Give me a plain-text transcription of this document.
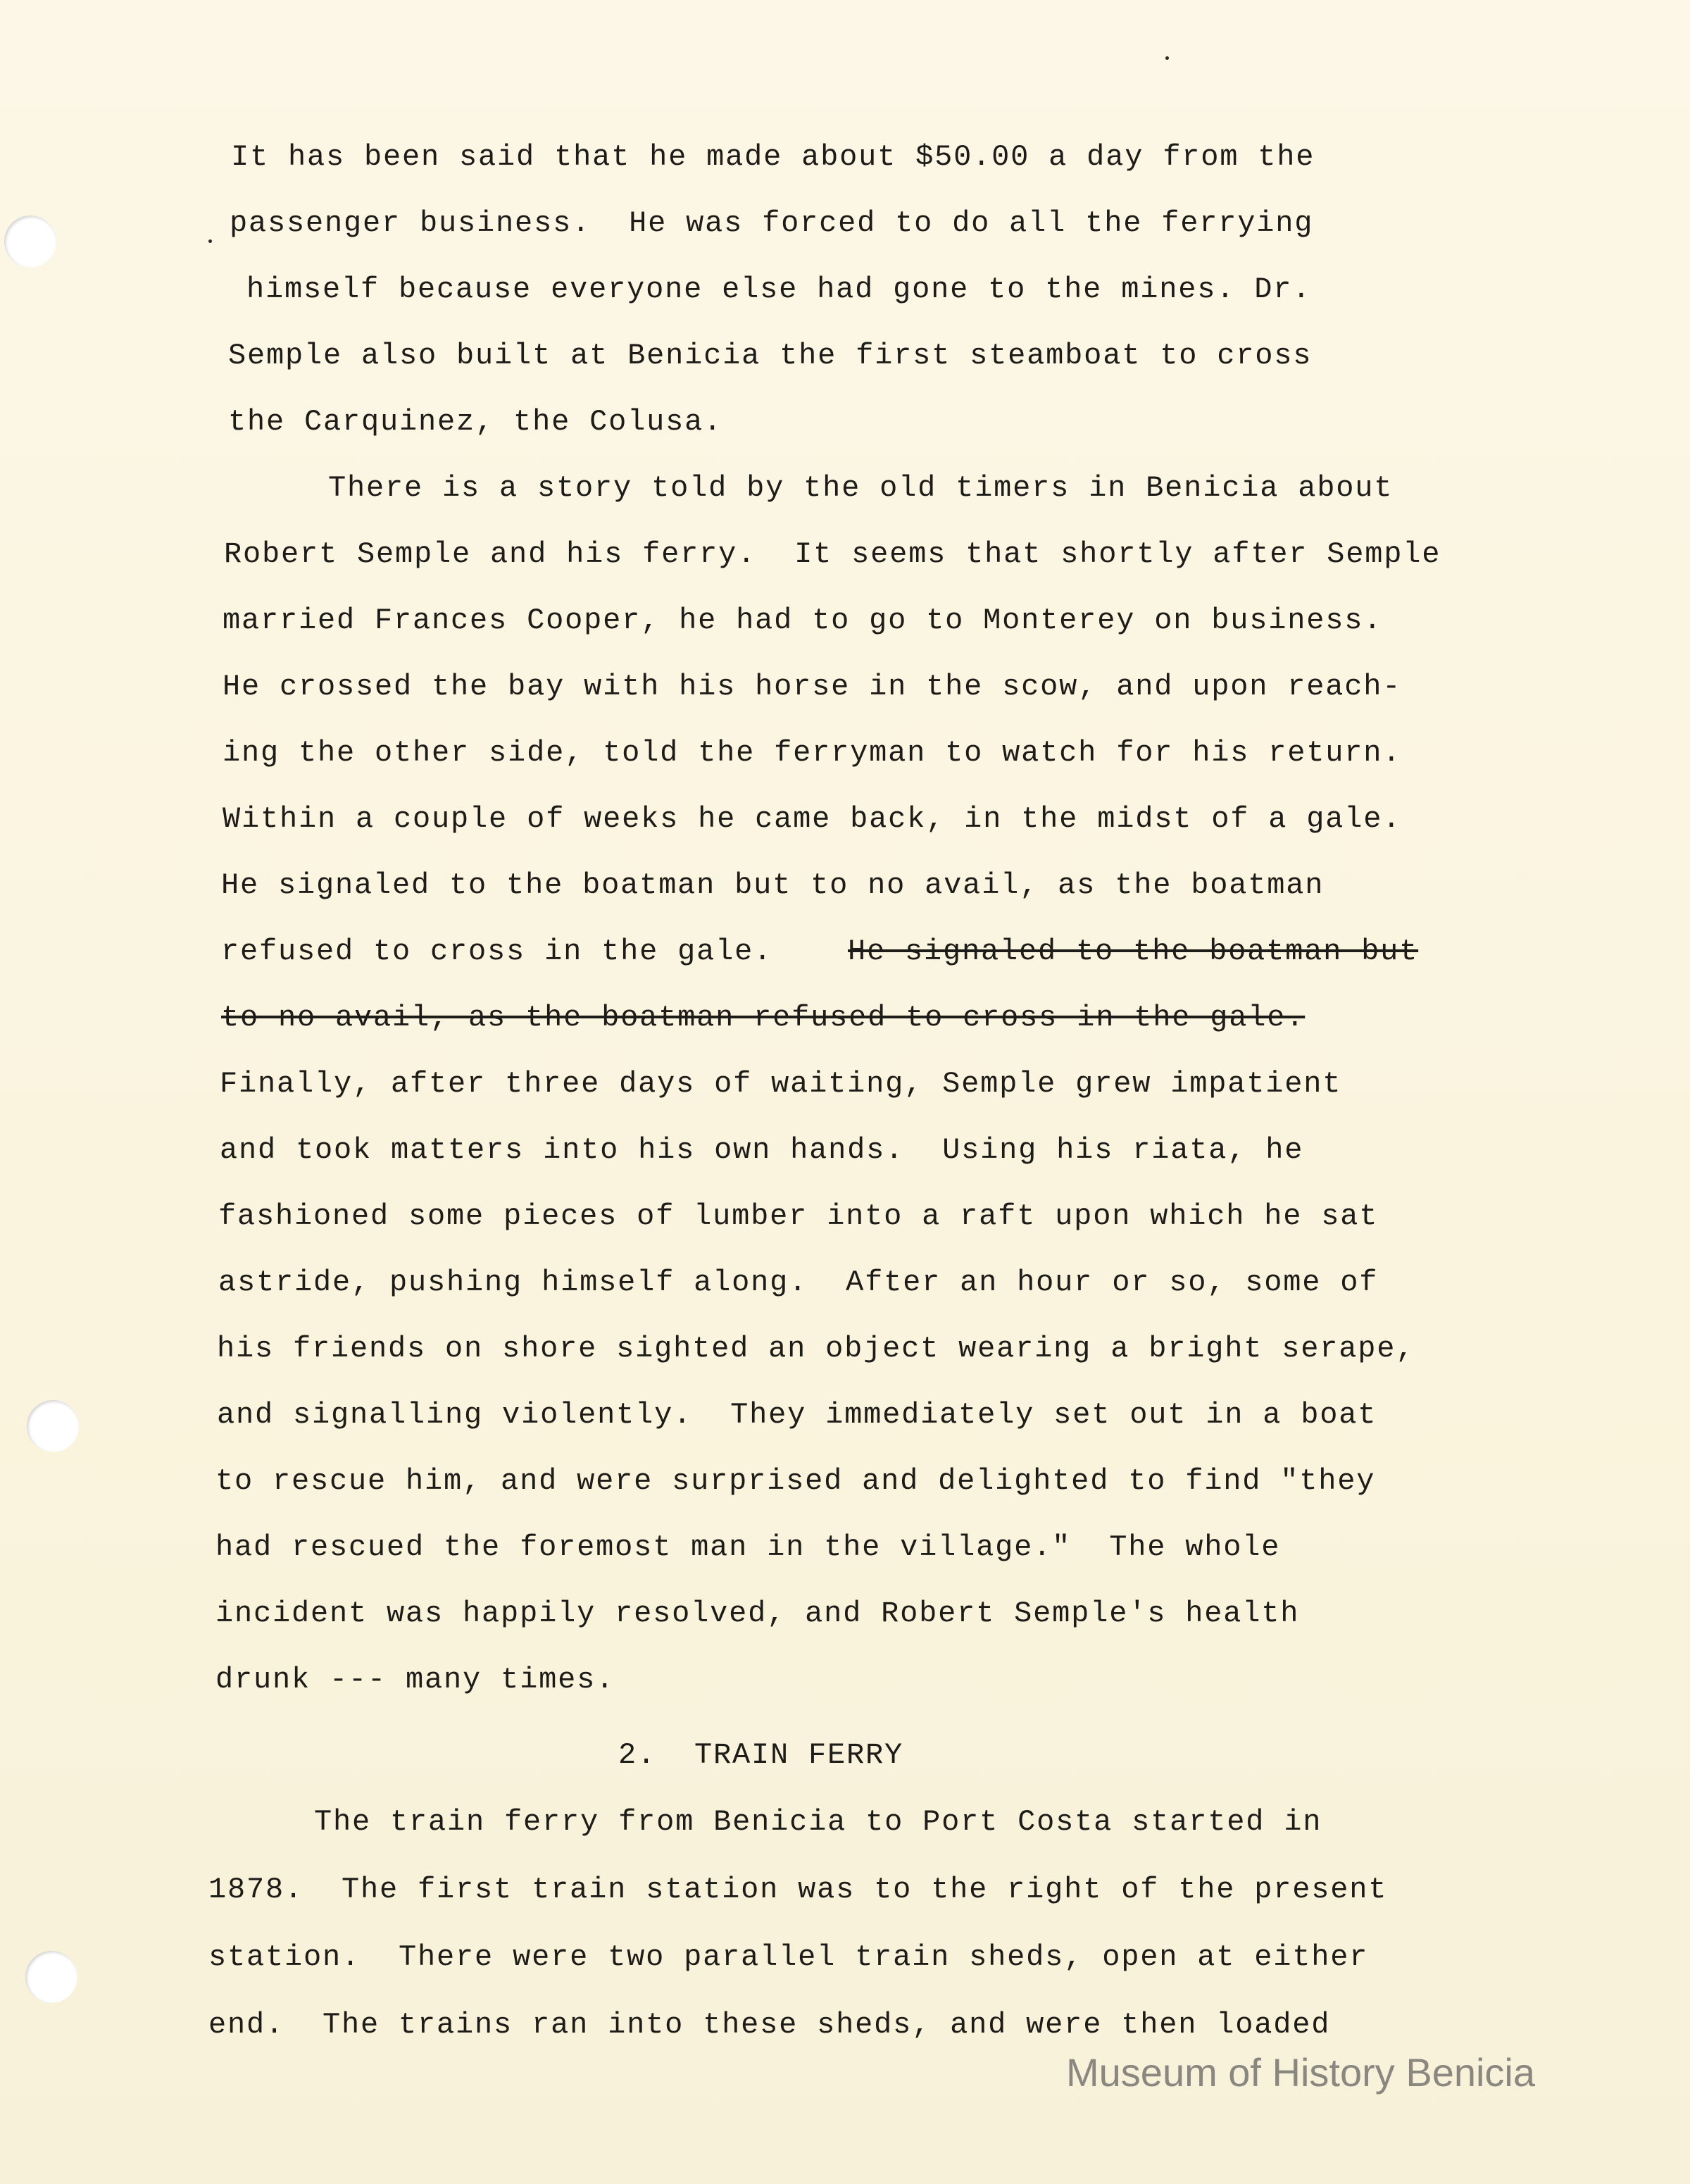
It has been said that he made about $50.00 a day from the
passenger business.  He was forced to do all the ferrying
himself because everyone else had gone to the mines. Dr.
Semple also built at Benicia the first steamboat to cross
the Carquinez, the Colusa.
There is a story told by the old timers in Benicia about
Robert Semple and his ferry.  It seems that shortly after Semple
married Frances Cooper, he had to go to Monterey on business.
He crossed the bay with his horse in the scow, and upon reach-
ing the other side, told the ferryman to watch for his return.
Within a couple of weeks he came back, in the midst of a gale.
He signaled to the boatman but to no avail, as the boatman
refused to cross in the gale.	He signaled to the boatman but
to no avail, as the boatman refused to cross in the gale.
Finally, after three days of waiting, Semple grew impatient
and took matters into his own hands.  Using his riata, he
fashioned some pieces of lumber into a raft upon which he sat
astride, pushing himself along.  After an hour or so, some of
his friends on shore sighted an object wearing a bright serape,
and signalling violently.  They immediately set out in a boat
to rescue him, and were surprised and delighted to find "they
had rescued the foremost man in the village."  The whole
incident was happily resolved, and Robert Semple's health
drunk --- many times.
2.  TRAIN FERRY
The train ferry from Benicia to Port Costa started in
1878.  The first train station was to the right of the present
station.  There were two parallel train sheds, open at either
end.  The trains ran into these sheds, and were then loaded
Museum of History Benicia
